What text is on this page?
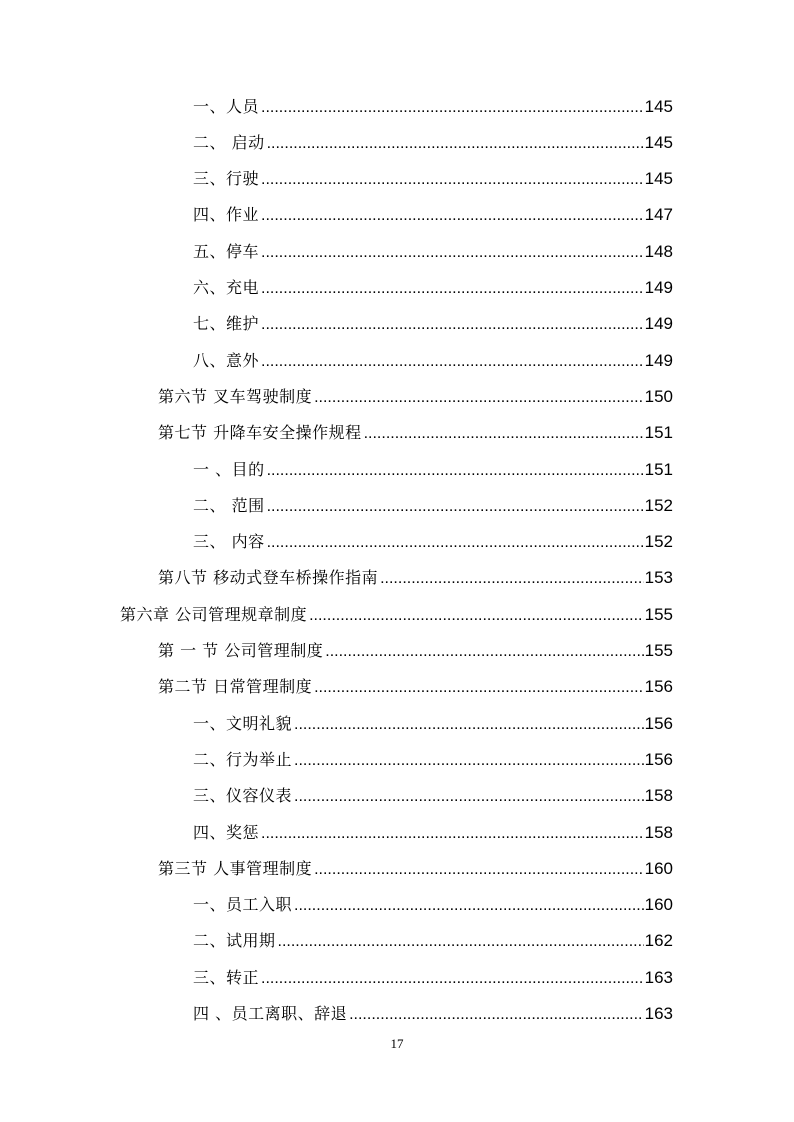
一、人员 .....	145
二、 启动 .....	145
三、行驶 .....	145
四、作业 .....	147
五、停车 .....	148
六、充电 .....	149
七、维护 .....	149
八、意外 .....	149
第六节 叉车驾驶制度 .....	150
第七节 升降车安全操作规程 .....	151
一 、目的 .....	151
二、 范围 .....	152
三、 内容 .....	152
第八节 移动式登车桥操作指南 .....	153
第六章 公司管理规章制度 .....	155
第 一 节 公司管理制度 .....	155
第二节 日常管理制度 .....	156
一、文明礼貌 .....	156
二、行为举止 .....	156
三、仪容仪表 .....	158
四、奖惩 .....	158
第三节 人事管理制度 .....	160
一、员工入职 .....	160
二、试用期 .....	162
三、转正 .....	163
四 、员工离职、辞退 .....	163
17
